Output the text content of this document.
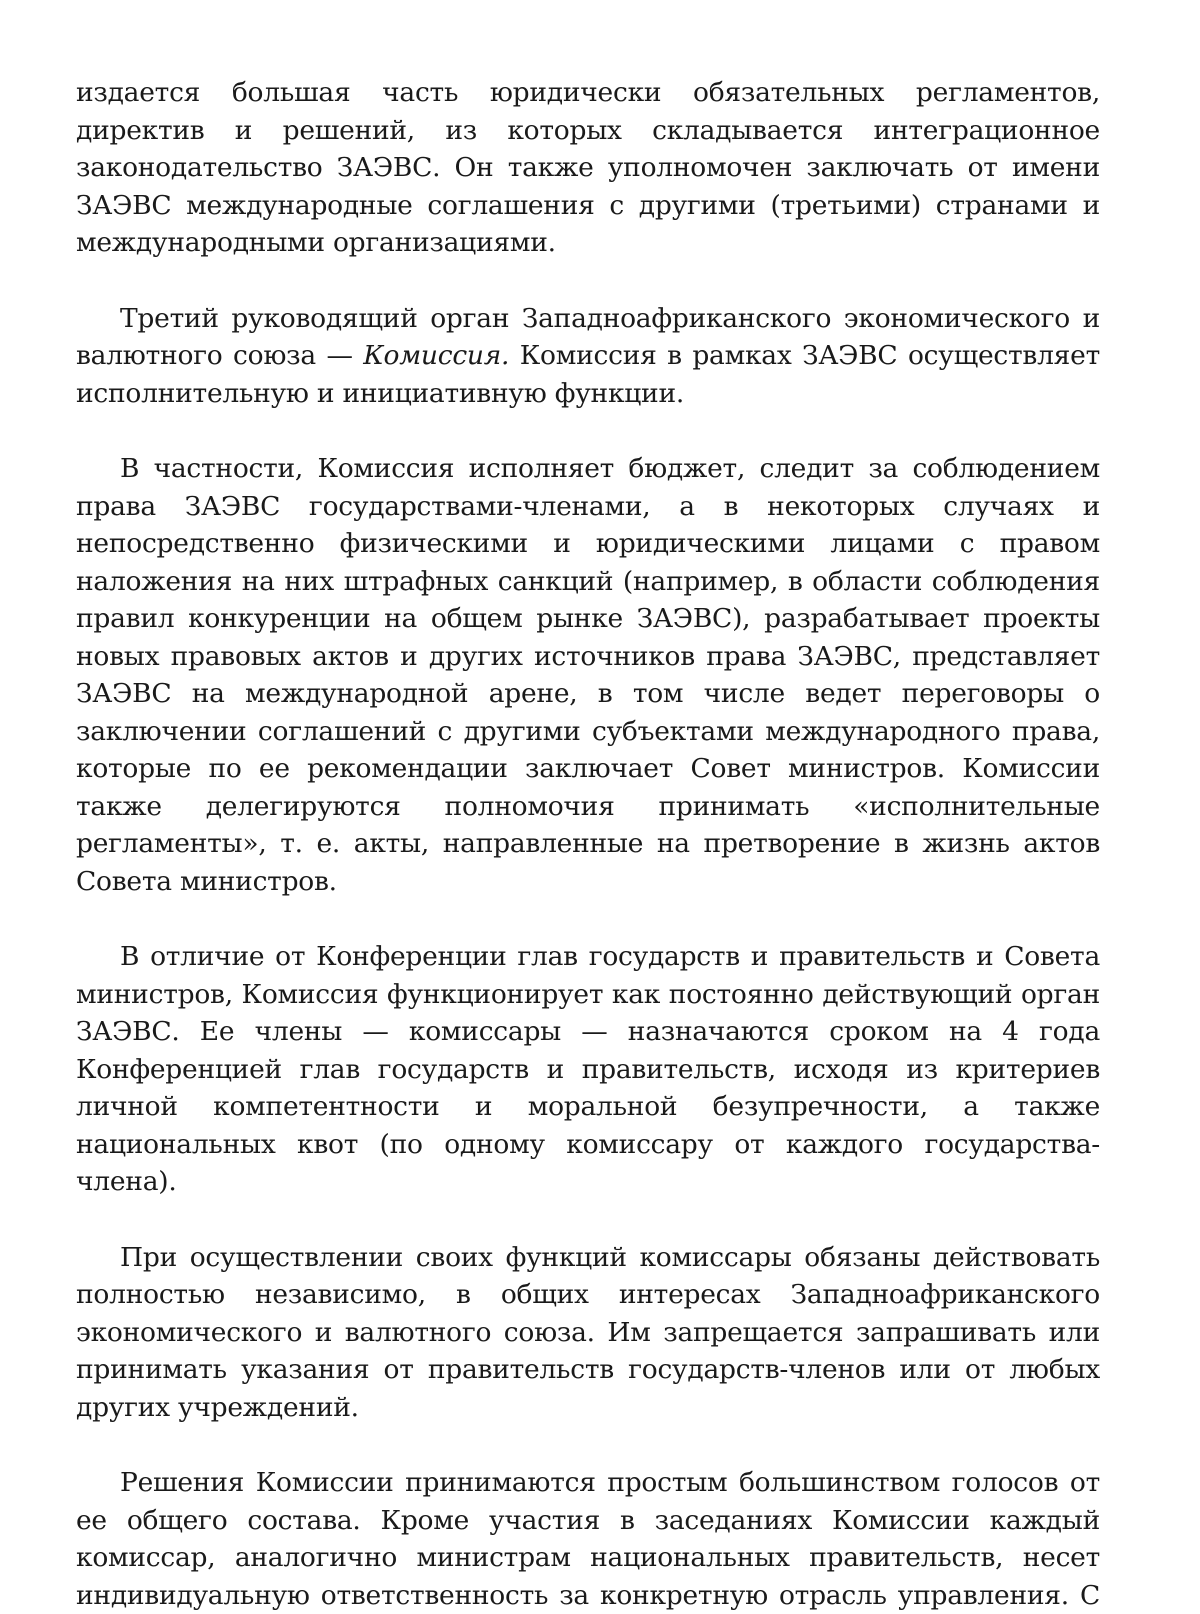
издается большая часть юридически обязательных регламентов, директив и решений, из которых складывается интеграционное законодательство ЗАЭВС. Он также уполномочен заключать от имени ЗАЭВС международные соглашения с другими (третьими) странами и международными организациями.

Третий руководящий орган Западноафриканского экономического и валютного союза — Комиссия. Комиссия в рамках ЗАЭВС осуществляет исполнительную и инициативную функции.

В частности, Комиссия исполняет бюджет, следит за соблюдением права ЗАЭВС государствами-членами, а в некоторых случаях и непосредственно физическими и юридическими лицами с правом наложения на них штрафных санкций (например, в области соблюдения правил конкуренции на общем рынке ЗАЭВС), разрабатывает проекты новых правовых актов и других источников права ЗАЭВС, представляет ЗАЭВС на международной арене, в том числе ведет переговоры о заключении соглашений с другими субъектами международного права, которые по ее рекомендации заключает Совет министров. Комиссии также делегируются полномочия принимать «исполнительные регламенты», т. е. акты, направленные на претворение в жизнь актов Совета министров.

В отличие от Конференции глав государств и правительств и Совета министров, Комиссия функционирует как постоянно действующий орган ЗАЭВС. Ее члены — комиссары — назначаются сроком на 4 года Конференцией глав государств и правительств, исходя из критериев личной компетентности и моральной безупречности, а также национальных квот (по одному комиссару от каждого государства-члена).

При осуществлении своих функций комиссары обязаны действовать полностью независимо, в общих интересах Западноафриканского экономического и валютного союза. Им запрещается запрашивать или принимать указания от правительств государств-членов или от любых других учреждений.

Решения Комиссии принимаются простым большинством голосов от ее общего состава. Кроме участия в заседаниях Комиссии каждый комиссар, аналогично министрам национальных правительств, несет индивидуальную ответственность за конкретную отрасль управления. С
